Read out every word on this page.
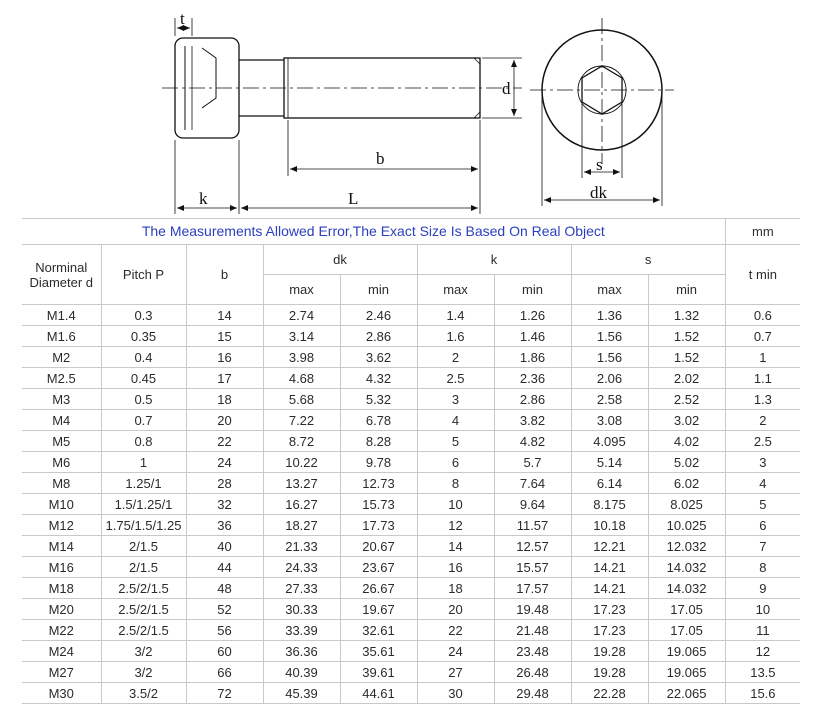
t
d
b
k	L
s
dk
The Measurements Allowed Error,The Exact Size Is Based On Real Object									mm
Norminal Diameter d	Pitch P	b	dk		k		s		t min
			max	min	max	min	max	min	
M1.4	0.3	14	2.74	2.46	1.4	1.26	1.36	1.32	0.6
M1.6	0.35	15	3.14	2.86	1.6	1.46	1.56	1.52	0.7
M2	0.4	16	3.98	3.62	2	1.86	1.56	1.52	1
M2.5	0.45	17	4.68	4.32	2.5	2.36	2.06	2.02	1.1
M3	0.5	18	5.68	5.32	3	2.86	2.58	2.52	1.3
M4	0.7	20	7.22	6.78	4	3.82	3.08	3.02	2
M5	0.8	22	8.72	8.28	5	4.82	4.095	4.02	2.5
M6	1	24	10.22	9.78	6	5.7	5.14	5.02	3
M8	1.25/1	28	13.27	12.73	8	7.64	6.14	6.02	4
M10	1.5/1.25/1	32	16.27	15.73	10	9.64	8.175	8.025	5
M12	1.75/1.5/1.25	36	18.27	17.73	12	11.57	10.18	10.025	6
M14	2/1.5	40	21.33	20.67	14	12.57	12.21	12.032	7
M16	2/1.5	44	24.33	23.67	16	15.57	14.21	14.032	8
M18	2.5/2/1.5	48	27.33	26.67	18	17.57	14.21	14.032	9
M20	2.5/2/1.5	52	30.33	19.67	20	19.48	17.23	17.05	10
M22	2.5/2/1.5	56	33.39	32.61	22	21.48	17.23	17.05	11
M24	3/2	60	36.36	35.61	24	23.48	19.28	19.065	12
M27	3/2	66	40.39	39.61	27	26.48	19.28	19.065	13.5
M30	3.5/2	72	45.39	44.61	30	29.48	22.28	22.065	15.6
